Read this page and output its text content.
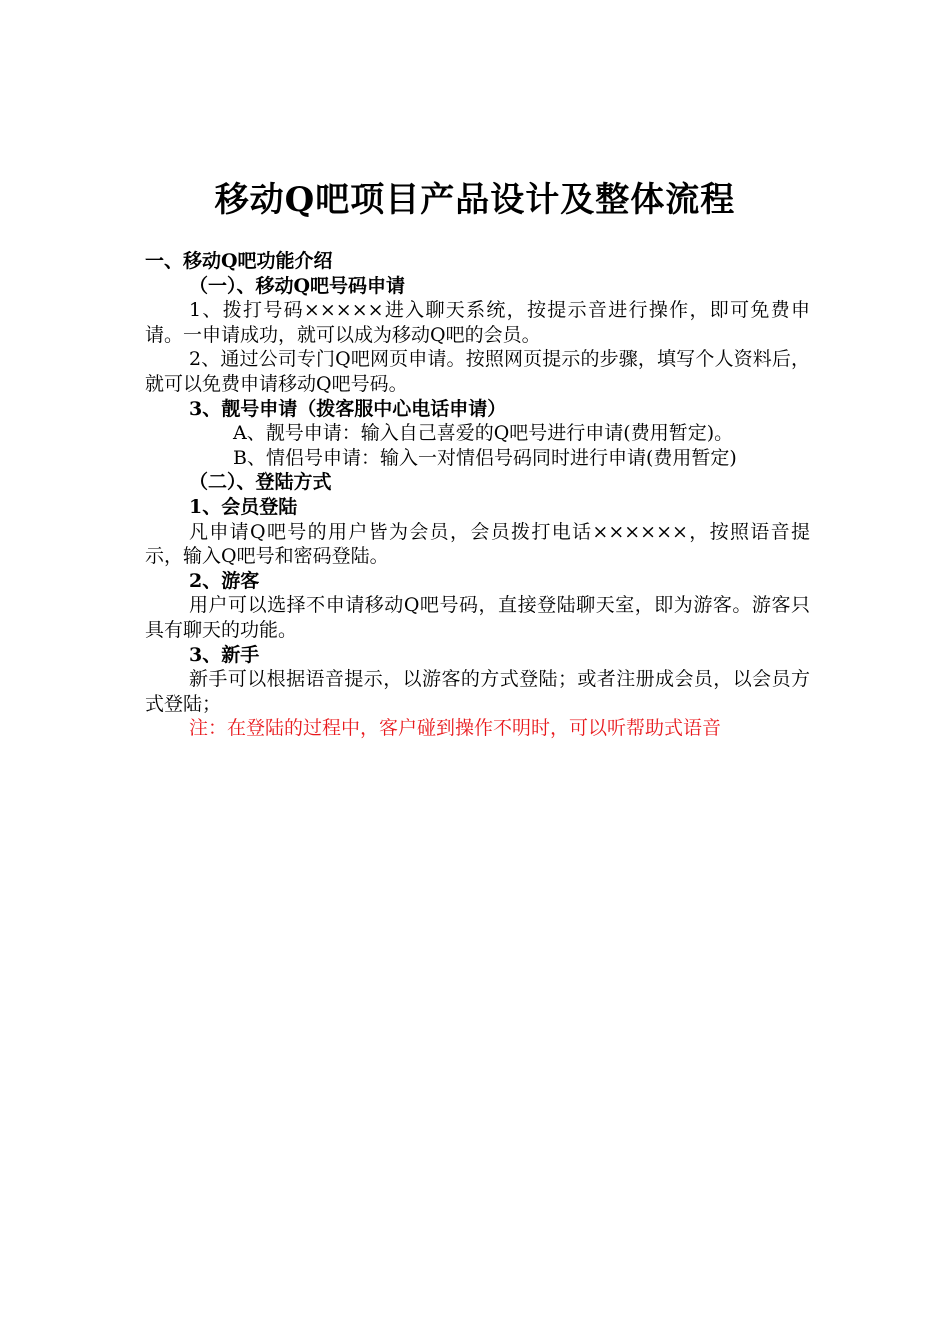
移动Q吧项目产品设计及整体流程

一、移动Q吧功能介绍

（一）、移动Q吧号码申请

1、拨打号码×××××进入聊天系统，按提示音进行操作，即可免费申请。一申请成功，就可以成为移动Q吧的会员。

2、通过公司专门Q吧网页申请。按照网页提示的步骤，填写个人资料后，就可以免费申请移动Q吧号码。

3、靓号申请（拨客服中心电话申请）

A、靓号申请：输入自己喜爱的Q吧号进行申请(费用暂定)。

B、情侣号申请：输入一对情侣号码同时进行申请(费用暂定)

（二）、登陆方式

1、会员登陆

凡申请Q吧号的用户皆为会员，会员拨打电话××××××，按照语音提示，输入Q吧号和密码登陆。

2、游客

用户可以选择不申请移动Q吧号码，直接登陆聊天室，即为游客。游客只具有聊天的功能。

3、新手

新手可以根据语音提示，以游客的方式登陆；或者注册成会员，以会员方式登陆；

注：在登陆的过程中，客户碰到操作不明时，可以听帮助式语音
